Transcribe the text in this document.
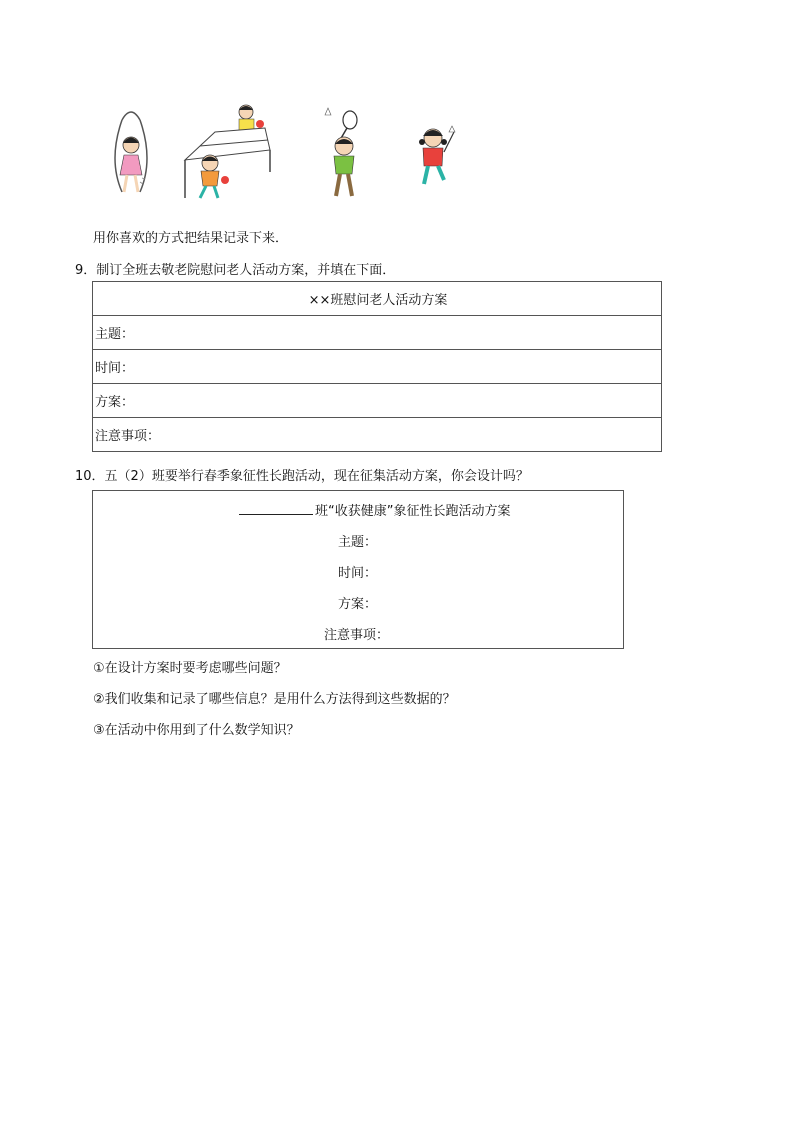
用你喜欢的方式把结果记录下来．
9．制订全班去敬老院慰问老人活动方案，并填在下面．
××班慰问老人活动方案
主题：
时间：
方案：
注意事项：
10．五（2）班要举行春季象征性长跑活动，现在征集活动方案，你会设计吗？
班“收获健康”象征性长跑活动方案
主题：
时间：
方案：
注意事项：
①在设计方案时要考虑哪些问题？
②我们收集和记录了哪些信息？是用什么方法得到这些数据的？
③在活动中你用到了什么数学知识？
